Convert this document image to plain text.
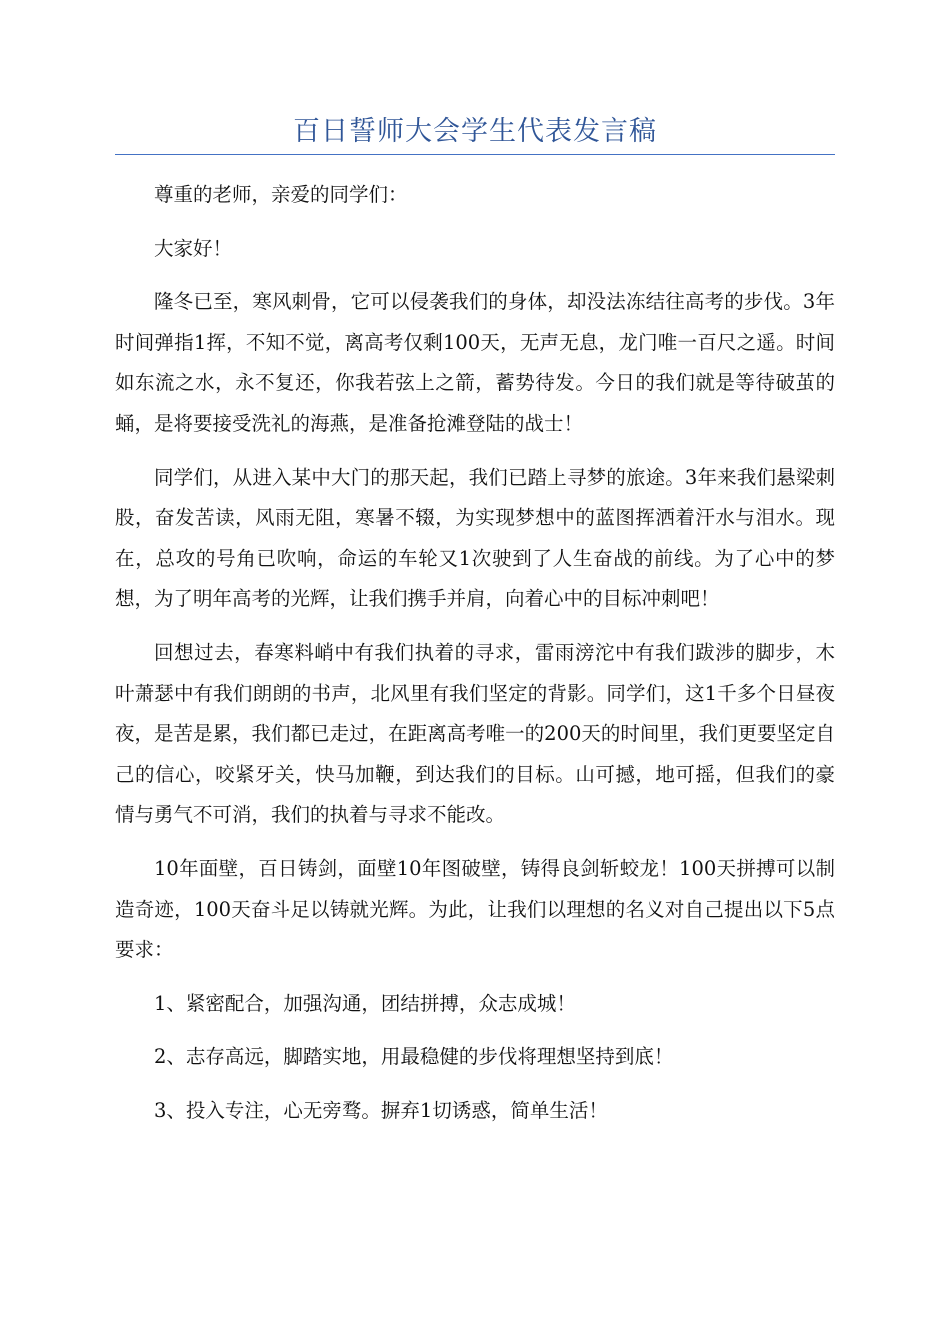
百日誓师大会学生代表发言稿

尊重的老师，亲爱的同学们：

大家好！

隆冬已至，寒风刺骨，它可以侵袭我们的身体，却没法冻结往高考的步伐。3年时间弹指1挥，不知不觉，离高考仅剩100天，无声无息，龙门唯一百尺之遥。时间如东流之水，永不复还，你我若弦上之箭，蓄势待发。今日的我们就是等待破茧的蛹，是将要接受洗礼的海燕，是准备抢滩登陆的战士！

同学们，从进入某中大门的那天起，我们已踏上寻梦的旅途。3年来我们悬梁刺股，奋发苦读，风雨无阻，寒暑不辍，为实现梦想中的蓝图挥洒着汗水与泪水。现在，总攻的号角已吹响，命运的车轮又1次驶到了人生奋战的前线。为了心中的梦想，为了明年高考的光辉，让我们携手并肩，向着心中的目标冲刺吧！

回想过去，春寒料峭中有我们执着的寻求，雷雨滂沱中有我们跋涉的脚步，木叶萧瑟中有我们朗朗的书声，北风里有我们坚定的背影。同学们，这1千多个日昼夜夜，是苦是累，我们都已走过，在距离高考唯一的200天的时间里，我们更要坚定自己的信心，咬紧牙关，快马加鞭，到达我们的目标。山可撼，地可摇，但我们的豪情与勇气不可消，我们的执着与寻求不能改。

10年面壁，百日铸剑，面壁10年图破壁，铸得良剑斩蛟龙！100天拼搏可以制造奇迹，100天奋斗足以铸就光辉。为此，让我们以理想的名义对自己提出以下5点要求：

1、紧密配合，加强沟通，团结拼搏，众志成城！

2、志存高远，脚踏实地，用最稳健的步伐将理想坚持到底！

3、投入专注，心无旁骛。摒弃1切诱惑，简单生活！
